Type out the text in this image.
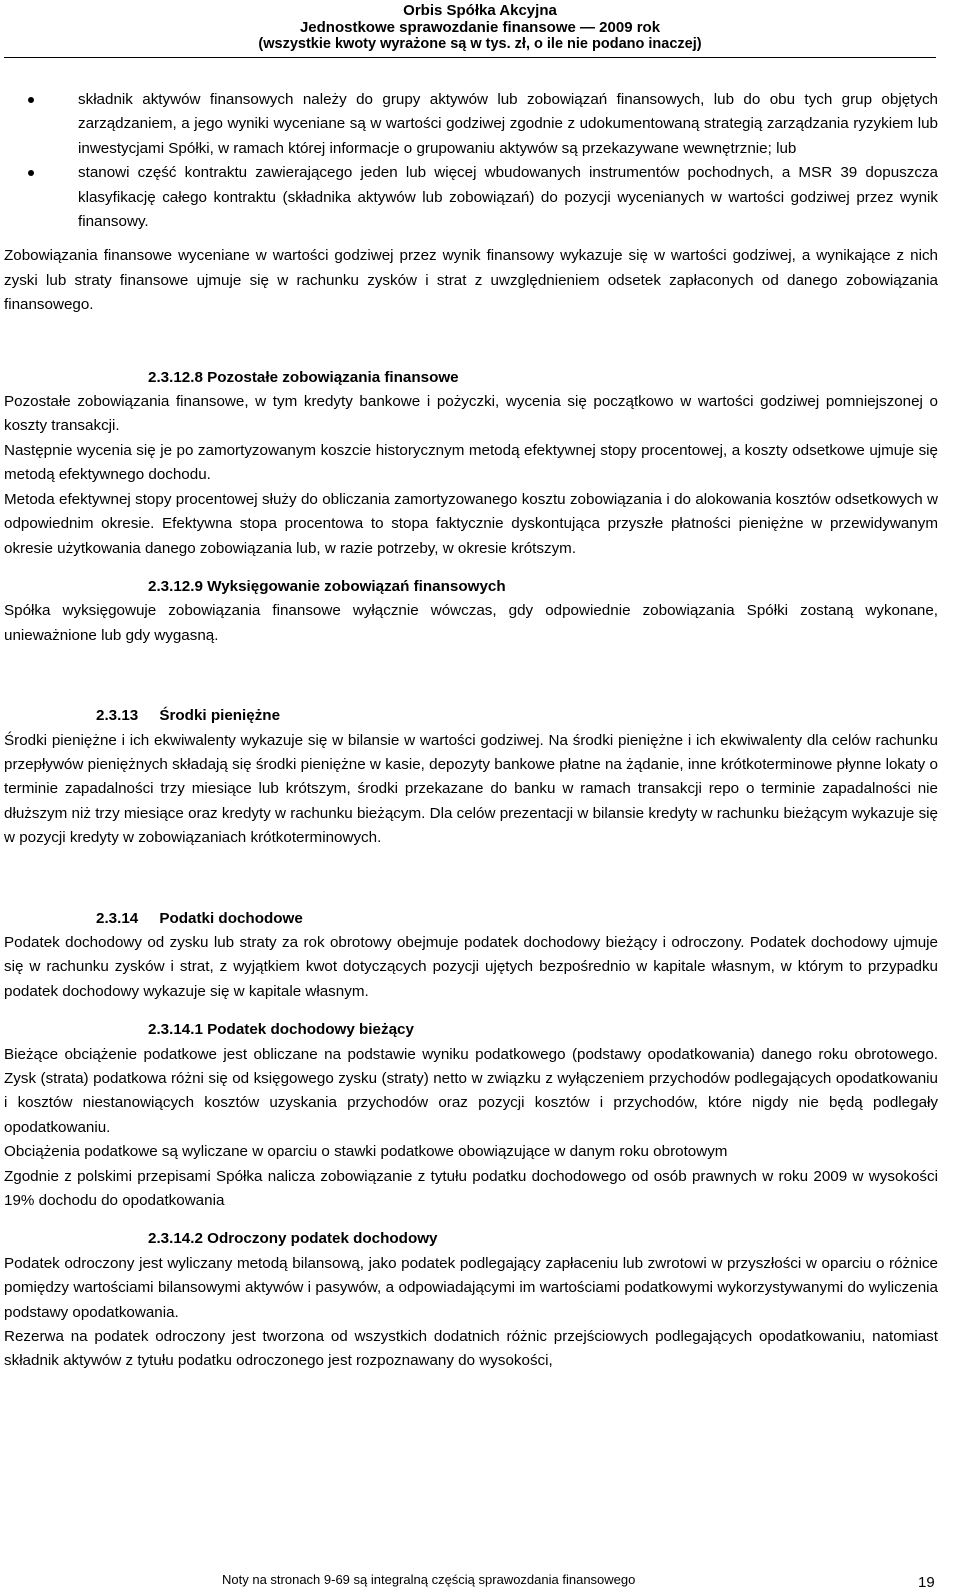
Orbis Spółka Akcyjna
Jednostkowe sprawozdanie finansowe — 2009 rok
(wszystkie kwoty wyrażone są w tys. zł, o ile nie podano inaczej)
składnik aktywów finansowych należy do grupy aktywów lub zobowiązań finansowych, lub do obu tych grup objętych zarządzaniem, a jego wyniki wyceniane są w wartości godziwej zgodnie z udokumentowaną strategią zarządzania ryzykiem lub inwestycjami Spółki, w ramach której informacje o grupowaniu aktywów są przekazywane wewnętrznie; lub
stanowi część kontraktu zawierającego jeden lub więcej wbudowanych instrumentów pochodnych, a MSR 39 dopuszcza klasyfikację całego kontraktu (składnika aktywów lub zobowiązań) do pozycji wycenianych w wartości godziwej przez wynik finansowy.

Zobowiązania finansowe wyceniane w wartości godziwej przez wynik finansowy wykazuje się w wartości godziwej, a wynikające z nich zyski lub straty finansowe ujmuje się w rachunku zysków i strat z uwzględnieniem odsetek zapłaconych od danego zobowiązania finansowego.

2.3.12.8 Pozostałe zobowiązania finansowe

Pozostałe zobowiązania finansowe, w tym kredyty bankowe i pożyczki, wycenia się początkowo w wartości godziwej pomniejszonej o koszty transakcji.

Następnie wycenia się je po zamortyzowanym koszcie historycznym metodą efektywnej stopy procentowej, a koszty odsetkowe ujmuje się metodą efektywnego dochodu.

Metoda efektywnej stopy procentowej służy do obliczania zamortyzowanego kosztu zobowiązania i do alokowania kosztów odsetkowych w odpowiednim okresie. Efektywna stopa procentowa to stopa faktycznie dyskontująca przyszłe płatności pieniężne w przewidywanym okresie użytkowania danego zobowiązania lub, w razie potrzeby, w okresie krótszym.

2.3.12.9 Wyksięgowanie zobowiązań finansowych

Spółka wyksięgowuje zobowiązania finansowe wyłącznie wówczas, gdy odpowiednie zobowiązania Spółki zostaną wykonane, unieważnione lub gdy wygasną.

2.3.13 Środki pieniężne

Środki pieniężne i ich ekwiwalenty wykazuje się w bilansie w wartości godziwej. Na środki pieniężne i ich ekwiwalenty dla celów rachunku przepływów pieniężnych składają się środki pieniężne w kasie, depozyty bankowe płatne na żądanie, inne krótkoterminowe płynne lokaty o terminie zapadalności trzy miesiące lub krótszym, środki przekazane do banku w ramach transakcji repo o terminie zapadalności nie dłuższym niż trzy miesiące oraz kredyty w rachunku bieżącym. Dla celów prezentacji w bilansie kredyty w rachunku bieżącym wykazuje się w pozycji kredyty w zobowiązaniach krótkoterminowych.

2.3.14 Podatki dochodowe

Podatek dochodowy od zysku lub straty za rok obrotowy obejmuje podatek dochodowy bieżący i odroczony. Podatek dochodowy ujmuje się w rachunku zysków i strat, z wyjątkiem kwot dotyczących pozycji ujętych bezpośrednio w kapitale własnym, w którym to przypadku podatek dochodowy wykazuje się w kapitale własnym.

2.3.14.1 Podatek dochodowy bieżący

Bieżące obciążenie podatkowe jest obliczane na podstawie wyniku podatkowego (podstawy opodatkowania) danego roku obrotowego. Zysk (strata) podatkowa różni się od księgowego zysku (straty) netto w związku z wyłączeniem przychodów podlegających opodatkowaniu i kosztów niestanowiących kosztów uzyskania przychodów oraz pozycji kosztów i przychodów, które nigdy nie będą podlegały opodatkowaniu.

Obciążenia podatkowe są wyliczane w oparciu o stawki podatkowe obowiązujące w danym roku obrotowym

Zgodnie z polskimi przepisami Spółka nalicza zobowiązanie z tytułu podatku dochodowego od osób prawnych w roku 2009 w wysokości 19% dochodu do opodatkowania

2.3.14.2 Odroczony podatek dochodowy

Podatek odroczony jest wyliczany metodą bilansową, jako podatek podlegający zapłaceniu lub zwrotowi w przyszłości w oparciu o różnice pomiędzy wartościami bilansowymi aktywów i pasywów, a odpowiadającymi im wartościami podatkowymi wykorzystywanymi do wyliczenia podstawy opodatkowania.

Rezerwa na podatek odroczony jest tworzona od wszystkich dodatnich różnic przejściowych podlegających opodatkowaniu, natomiast składnik aktywów z tytułu podatku odroczonego jest rozpoznawany do wysokości,

Noty na stronach 9-69 są integralną częścią sprawozdania finansowego	19
